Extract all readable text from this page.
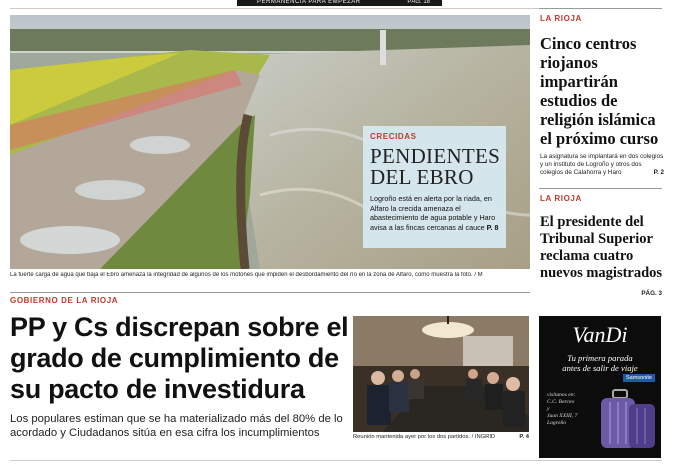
PERMANENCIA PARA EMPEZAR	PÁG. 18
CRECIDAS
PENDIENTES DEL EBRO
Logroño está en alerta por la riada, en Alfaro la crecida amenaza el abastecimiento de agua potable y Haro avisa a las fincas cercanas al cauce P. 8
La fuerte carga de agua que baja el Ebro amenaza la integridad de algunos de los motones que impiden el desbordamiento del río en la zona de Alfaro, como muestra la foto. / M
LA RIOJA
Cinco centros riojanos impartirán estudios de religión islámica el próximo curso
La asignatura se implantará en dos colegios y un instituto de Logroño y otros dos colegios de Calahorra y Haro	P. 2
LA RIOJA
El presidente del Tribunal Superior reclama cuatro nuevos magistrados
PÁG. 3
GOBIERNO DE LA RIOJA
PP y Cs discrepan sobre el grado de cumplimiento de su pacto de investidura
Los populares estiman que se ha materializado más del 80% de lo acordado y Ciudadanos sitúa en esa cifra los incumplimientos	Reunión mantenida ayer por los dos partidos. / INGRID	P. 4
VanDi
Tu primera parada
antes de salir de viaje
Samsonite
visítanos en:
C.C. Berceo
y
Juan XXIII, 7
Logroño
